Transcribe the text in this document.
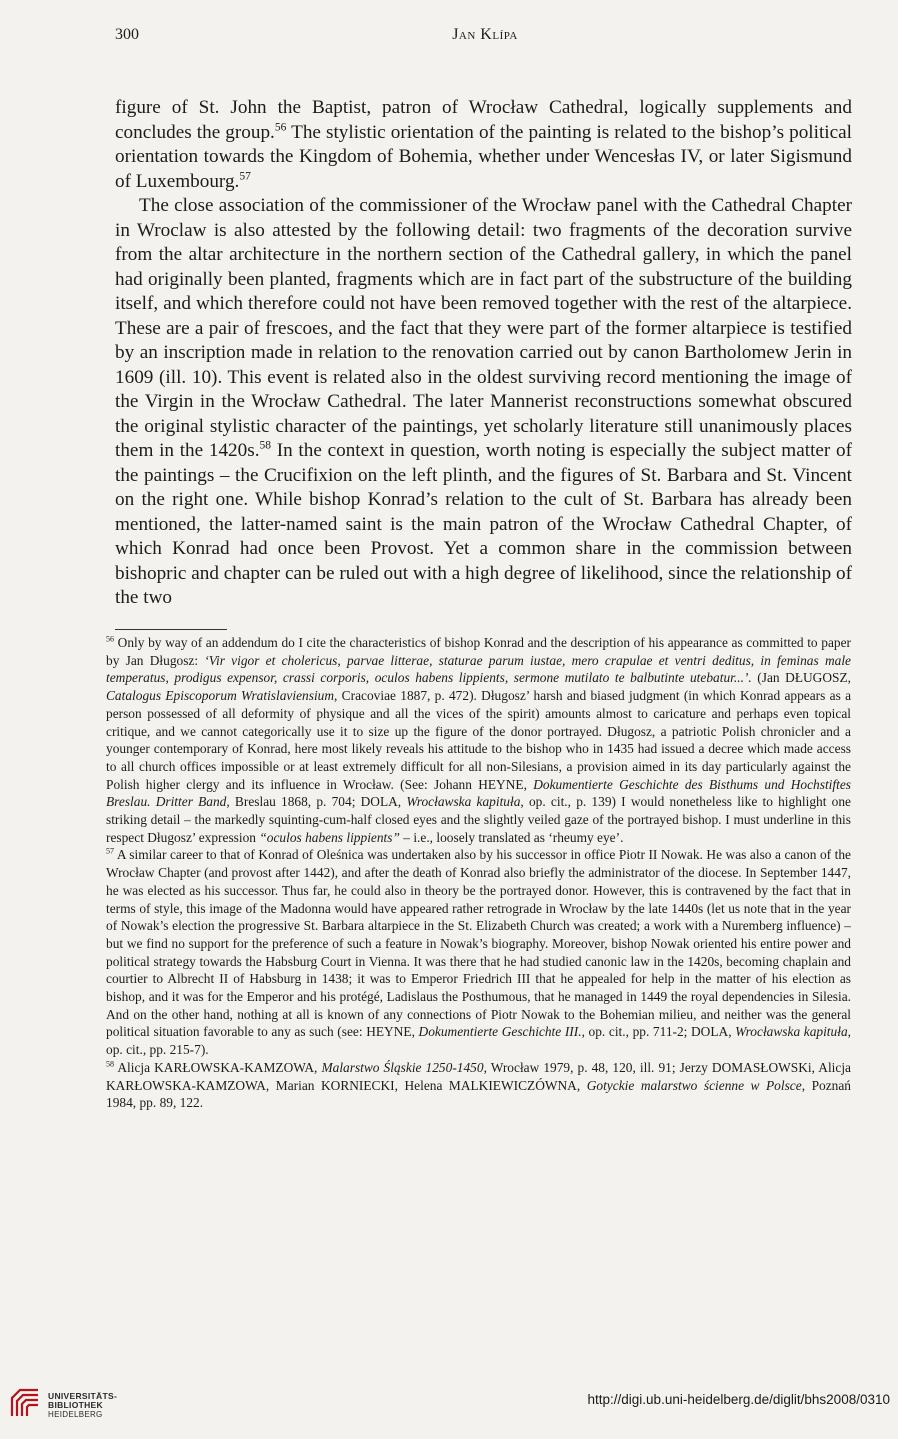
300	Jan Klípa

figure of St. John the Baptist, patron of Wrocław Cathedral, logically supplements and concludes the group.$^{56}$ The stylistic orientation of the painting is related to the bishop’s political orientation towards the Kingdom of Bohemia, whether under Wencesłas IV, or later Sigismund of Luxembourg.$^{57}$

The close association of the commissioner of the Wrocław panel with the Cathedral Chapter in Wroclaw is also attested by the following detail: two fragments of the decoration survive from the altar architecture in the northern section of the Cathedral gallery, in which the panel had originally been planted, fragments which are in fact part of the substructure of the building itself, and which therefore could not have been removed together with the rest of the altarpiece. These are a pair of frescoes, and the fact that they were part of the former altarpiece is testified by an inscription made in relation to the renovation carried out by canon Bartholomew Jerin in 1609 (ill. 10). This event is related also in the oldest surviving record mentioning the image of the Virgin in the Wrocław Cathedral. The later Mannerist reconstructions somewhat obscured the original stylistic character of the paintings, yet scholarly literature still unanimously places them in the 1420s.$^{58}$ In the context in question, worth noting is especially the subject matter of the paintings – the Crucifixion on the left plinth, and the figures of St. Barbara and St. Vincent on the right one. While bishop Konrad’s relation to the cult of St. Barbara has already been mentioned, the latter-named saint is the main patron of the Wrocław Cathedral Chapter, of which Konrad had once been Provost. Yet a common share in the commission between bishopric and chapter can be ruled out with a high degree of likelihood, since the relationship of the two

$^{56}$ Only by way of an addendum do I cite the characteristics of bishop Konrad and the description of his appearance as committed to paper by Jan Długosz: ‘Vir vigor et cholericus, parvae litterae, staturae parum iustae, mero crapulae et ventri deditus, in feminas male temperatus, prodigus expensor, crassi corporis, oculos habens lippients, sermone mutilato te balbutinte utebatur...’. (Jan DŁUGOSZ, Catalogus Episcoporum Wratislaviensium, Cracoviae 1887, p. 472). Długosz’ harsh and biased judgment (in which Konrad appears as a person possessed of all deformity of physique and all the vices of the spirit) amounts almost to caricature and perhaps even topical critique, and we cannot categorically use it to size up the figure of the donor portrayed. Długosz, a patriotic Polish chronicler and a younger contemporary of Konrad, here most likely reveals his attitude to the bishop who in 1435 had issued a decree which made access to all church offices impossible or at least extremely difficult for all non-Silesians, a provision aimed in its day particularly against the Polish higher clergy and its influence in Wrocław. (See: Johann HEYNE, Dokumentierte Geschichte des Bisthums und Hochstiftes Breslau. Dritter Band, Breslau 1868, p. 704; DOLA, Wrocławska kapituła, op. cit., p. 139) I would nonetheless like to highlight one striking detail – the markedly squinting-cum-half closed eyes and the slightly veiled gaze of the portrayed bishop. I must underline in this respect Długosz’ expression “oculos habens lippients” – i.e., loosely translated as ‘rheumy eye’.

$^{57}$ A similar career to that of Konrad of Oleśnica was undertaken also by his successor in office Piotr II Nowak. He was also a canon of the Wrocław Chapter (and provost after 1442), and after the death of Konrad also briefly the administrator of the diocese. In September 1447, he was elected as his successor. Thus far, he could also in theory be the portrayed donor. However, this is contravened by the fact that in terms of style, this image of the Madonna would have appeared rather retrograde in Wrocław by the late 1440s (let us note that in the year of Nowak’s election the progressive St. Barbara altarpiece in the St. Elizabeth Church was created; a work with a Nuremberg influence) – but we find no support for the preference of such a feature in Nowak’s biography. Moreover, bishop Nowak oriented his entire power and political strategy towards the Habsburg Court in Vienna. It was there that he had studied canonic law in the 1420s, becoming chaplain and courtier to Albrecht II of Habsburg in 1438; it was to Emperor Friedrich III that he appealed for help in the matter of his election as bishop, and it was for the Emperor and his protégé, Ladislaus the Posthumous, that he managed in 1449 the royal dependencies in Silesia. And on the other hand, nothing at all is known of any connections of Piotr Nowak to the Bohemian milieu, and neither was the general political situation favorable to any as such (see: HEYNE, Dokumentierte Geschichte III., op. cit., pp. 711-2; DOLA, Wrocławska kapituła, op. cit., pp. 215-7).

$^{58}$ Alicja KARŁOWSKA-KAMZOWA, Malarstwo Śląskie 1250-1450, Wrocław 1979, p. 48, 120, ill. 91; Jerzy DOMASŁOWSKi, Alicja KARŁOWSKA-KAMZOWA, Marian KORNIECKI, Helena MALKIEWICZÓWNA, Gotyckie malarstwo ścienne w Polsce, Poznań 1984, pp. 89, 122.

UNIVERSITÄTS-
BIBLIOTHEK
HEIDELBERG
http://digi.ub.uni-heidelberg.de/diglit/bhs2008/0310
